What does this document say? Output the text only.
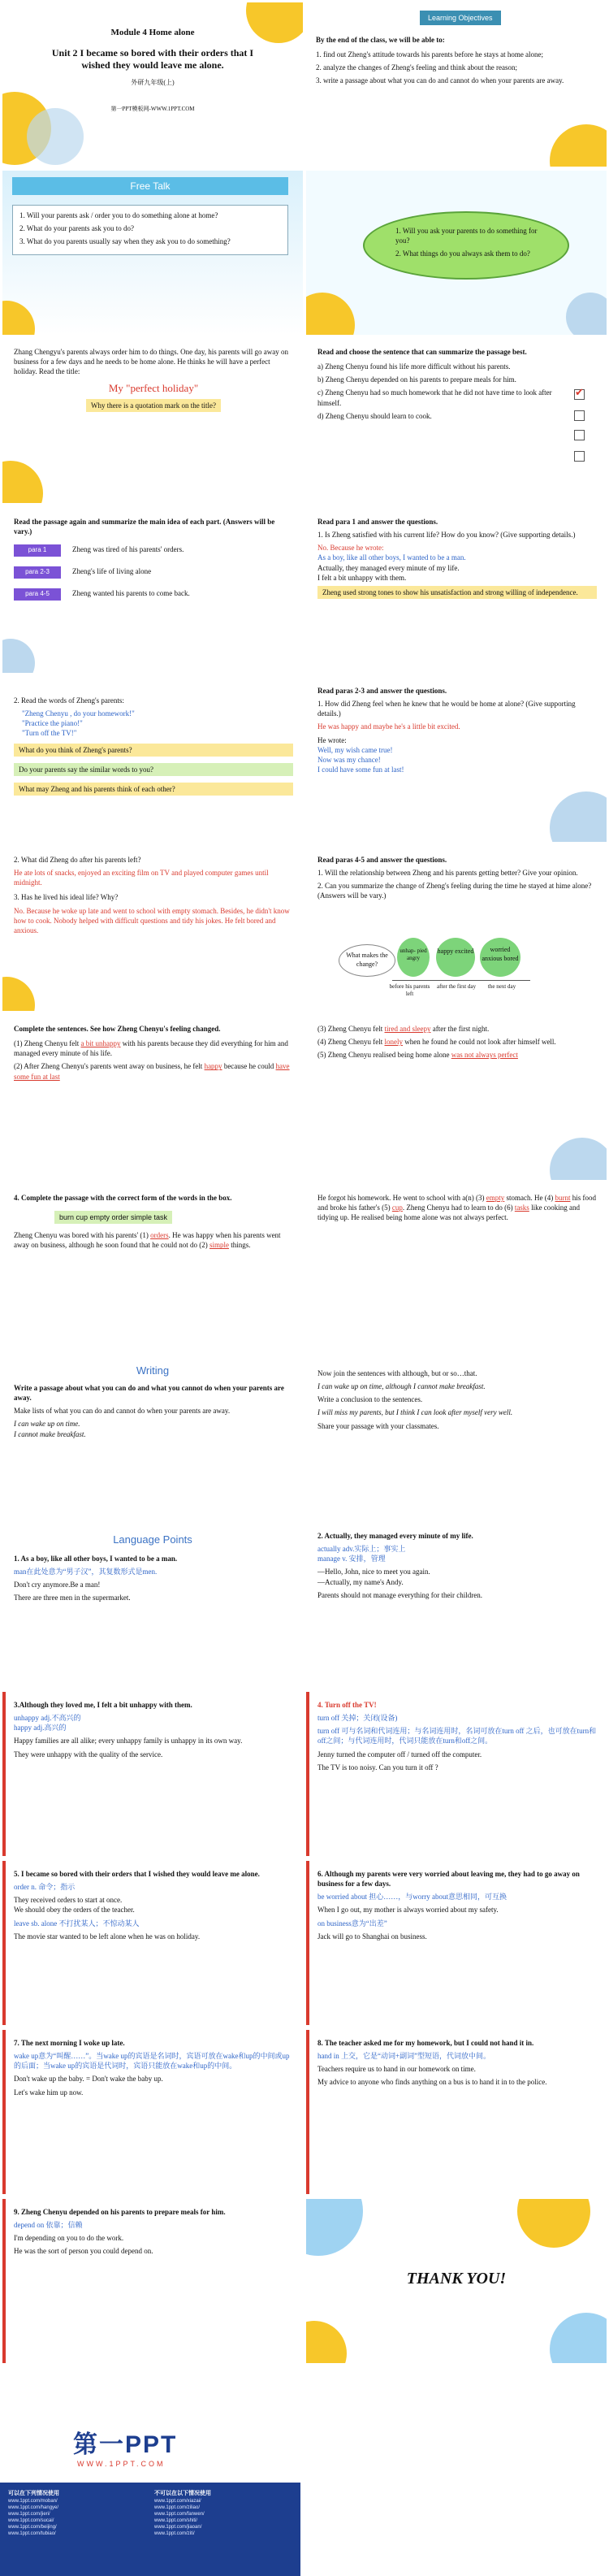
Module 4 Home alone
Unit 2 I became so bored with their orders that I wished they would leave me alone.
外研九年级(上)
第一PPT模板网-WWW.1PPT.COM
Learning Objectives

By the end of the class, we will be able to:

1. find out Zheng's attitude towards his parents before he stays at home alone;

2. analyze the changes of Zheng's feeling and think about the reason;

3. write a passage about what you can do and cannot do when your parents are away.

Free Talk

1. Will your parents ask / order you to do something alone at home?

2. What do your parents ask you to do?

3. What do you parents usually say when they ask you to do something?

1. Will you ask your parents to do something for you?

2. What things do you always ask them to do?

Zhang Chengyu's parents always order him to do things. One day, his parents will go away on business for a few days and he needs to be home alone. He thinks he will have a perfect holiday. Read the title:

My "perfect holiday"

Why there is a quotation mark on the title?

Read and choose the sentence that can summarize the passage best.

a) Zheng Chenyu found his life more difficult without his parents.

b) Zheng Chenyu depended on his parents to prepare meals for him.

c) Zheng Chenyu had so much homework that he did not have time to look after himself.

d) Zheng Chenyu should learn to cook.

✔

Read the passage again and summarize the main idea of each part. (Answers will be vary.)

para 1	Zheng was tired of his parents' orders.
para 2-3	Zheng's life of living alone
para 4-5	Zheng wanted his parents to come back.

Read para 1 and answer the questions.

1. Is Zheng satisfied with his current life? How do you know? (Give supporting details.)

No. Because he wrote:

As a boy, like all other boys, I wanted to be a man.

Actually, they managed every minute of my life.

I felt a bit unhappy with them.

Zheng used strong tones to show his unsatisfaction and strong willing of independence.

2. Read the words of Zheng's parents:

"Zheng Chenyu , do your homework!"

"Practice the piano!"

"Turn off the TV!"

What do you think of Zheng's parents?
Do your parents say the similar words to you?
What may Zheng and his parents think of each other?

Read paras 2-3 and answer the questions.

1. How did Zheng feel when he knew that he would be home at alone? (Give supporting details.)

He was happy and maybe he's a little bit excited.

He wrote:

Well, my wish came true!

Now was my chance!

I could have some fun at last!

2. What did Zheng do after his parents left?

He ate lots of snacks, enjoyed an exciting film on TV and played computer games until midnight.

3. Has he lived his ideal life? Why?

No. Because he woke up late and went to school with empty stomach. Besides, he didn't know how to cook. Nobody helped with difficult questions and tidy his jokes. He felt bored and anxious.

Read paras 4-5 and answer the questions.

1. Will the relationship between Zheng and his parents getting better? Give your opinion.

2. Can you summarize the change of Zheng's feeling during the time he stayed at hime alone? (Answers will be vary.)

What makes the change?
unhap- pied angry
happy excited	worried anxious bored
before his parents left
after the first day	the next day

Complete the sentences. See how Zheng Chenyu's feeling changed.

(1) Zheng Chenyu felt a bit unhappy with his parents because they did everything for him and managed every minute of his life.

(2) After Zheng Chenyu's parents went away on business, he felt happy because he could have some fun at last

(3) Zheng Chenyu felt tired and sleepy after the first night.

(4) Zheng Chenyu felt lonely when he found he could not look after himself well.

(5) Zheng Chenyu realised being home alone was not always perfect

4. Complete the passage with the correct form of the words in the box.

burn cup empty order simple task

Zheng Chenyu was bored with his parents' (1) orders. He was happy when his parents went away on business, although he soon found that he could not do (2) simple things.

He forgot his homework. He went to school with a(n) (3) empty stomach. He (4) burnt his food and broke his father's (5) cup. Zheng Chenyu had to learn to do (6) tasks like cooking and tidying up. He realised being home alone was not always perfect.

Writing

Write a passage about what you can do and what you cannot do when your parents are away.

Make lists of what you can do and cannot do when your parents are away.

I can wake up on time.

I cannot make breakfast.

Now join the sentences with although, but or so…that.

I can wake up on time, although I cannot make breakfast.

Write a conclusion to the sentences.

I will miss my parents, but I think I can look after myself very well.

Share your passage with your classmates.

Language Points

1. As a boy, like all other boys, I wanted to be a man.

man在此处意为“男子汉”，其复数形式是men.

Don't cry anymore.Be a man!

There are three men in the supermarket.

2. Actually, they managed every minute of my life.

actually adv.实际上；事实上

manage v. 安排，管理

—Hello, John, nice to meet you again.

—Actually, my name's Andy.

Parents should not manage everything for their children.

3.Although they loved me, I felt a bit unhappy with them.

unhappy adj.不高兴的

happy adj.高兴的

Happy families are all alike; every unhappy family is unhappy in its own way.

They were unhappy with the quality of the service.

4. Turn off the TV!

turn off 关掉；关闭(设备)

turn off 可与名词和代词连用；与名词连用时，名词可放在turn off 之后，也可放在turn和off之间；与代词连用时，代词只能放在turn和off之间。

Jenny turned the computer off / turned off the computer.

The TV is too noisy. Can you turn it off ?

5. I became so bored with their orders that I wished they would leave me alone.

order n. 命令；指示

They received orders to start at once.

We should obey the orders of the teacher.

leave sb. alone 不打扰某人；不惊动某人

The movie star wanted to be left alone when he was on holiday.

6. Although my parents were very worried about leaving me, they had to go away on business for a few days.

be worried about 担心……，与worry about意思相同，可互换

When I go out, my mother is always worried about my safety.

on business意为“出差”

Jack will go to Shanghai on business.

7. The next morning I woke up late.

wake up意为“叫醒……”。当wake up的宾语是名词时，宾语可放在wake和up的中间或up的后面；当wake up的宾语是代词时，宾语只能放在wake和up的中间。

Don't wake up the baby. = Don't wake the baby up.

Let's wake him up now.

8. The teacher asked me for my homework, but I could not hand it in.

hand in 上交，它是“动词+副词”型短语，代词放中间。

Teachers require us to hand in our homework on time.

My advice to anyone who finds anything on a bus is to hand it in to the police.

9. Zheng Chenyu depended on his parents to prepare meals for him.

depend on 依靠；信赖

I'm depending on you to do the work.

He was the sort of person you could depend on.

THANK YOU!
第一PPT
WWW.1PPT.COM
可以在下列情况使用
www.1ppt.com/moban/
www.1ppt.com/hangye/
www.1ppt.com/jieri/
www.1ppt.com/sucai/
www.1ppt.com/beijing/
www.1ppt.com/tubiao/
不可以在以下情况使用
www.1ppt.com/xiazai/
www.1ppt.com/ziliao/
www.1ppt.com/fanwen/
www.1ppt.com/shiti/
www.1ppt.com/jiaoan/
www.1ppt.com/ziti/
